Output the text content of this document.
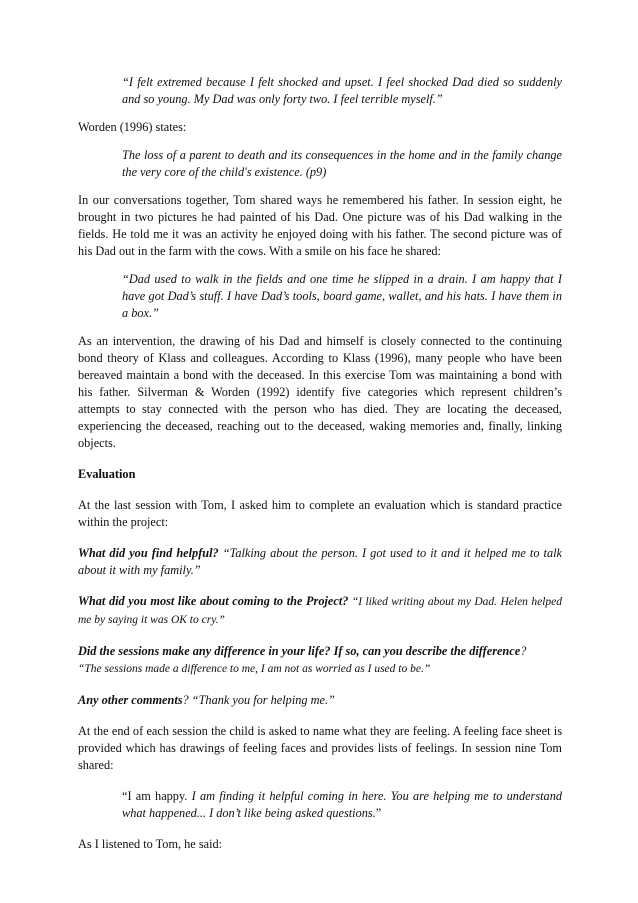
“I felt extremed because I felt shocked and upset. I feel shocked Dad died so suddenly and so young. My Dad was only forty two. I feel terrible myself.”

Worden (1996) states:

The loss of a parent to death and its consequences in the home and in the family change the very core of the child's existence. (p9)

In our conversations together, Tom shared ways he remembered his father. In session eight, he brought in two pictures he had painted of his Dad. One picture was of his Dad walking in the fields. He told me it was an activity he enjoyed doing with his father. The second picture was of his Dad out in the farm with the cows. With a smile on his face he shared:

“Dad used to walk in the fields and one time he slipped in a drain. I am happy that I have got Dad’s stuff. I have Dad’s tools, board game, wallet, and his hats. I have them in a box.”

As an intervention, the drawing of his Dad and himself is closely connected to the continuing bond theory of Klass and colleagues. According to Klass (1996), many people who have been bereaved maintain a bond with the deceased. In this exercise Tom was maintaining a bond with his father. Silverman & Worden (1992) identify five categories which represent children’s attempts to stay connected with the person who has died. They are locating the deceased, experiencing the deceased, reaching out to the deceased, waking memories and, finally, linking objects.

Evaluation

At the last session with Tom, I asked him to complete an evaluation which is standard practice within the project:

What did you find helpful? “Talking about the person. I got used to it and it helped me to talk about it with my family.”

What did you most like about coming to the Project? “I liked writing about my Dad. Helen helped me by saying it was OK to cry.”

Did the sessions make any difference in your life? If so, can you describe the difference?
“The sessions made a difference to me, I am not as worried as I used to be.”

Any other comments? “Thank you for helping me.”

At the end of each session the child is asked to name what they are feeling. A feeling face sheet is provided which has drawings of feeling faces and provides lists of feelings. In session nine Tom shared:

“I am happy. I am finding it helpful coming in here. You are helping me to understand what happened... I don’t like being asked questions.”

As I listened to Tom, he said:
